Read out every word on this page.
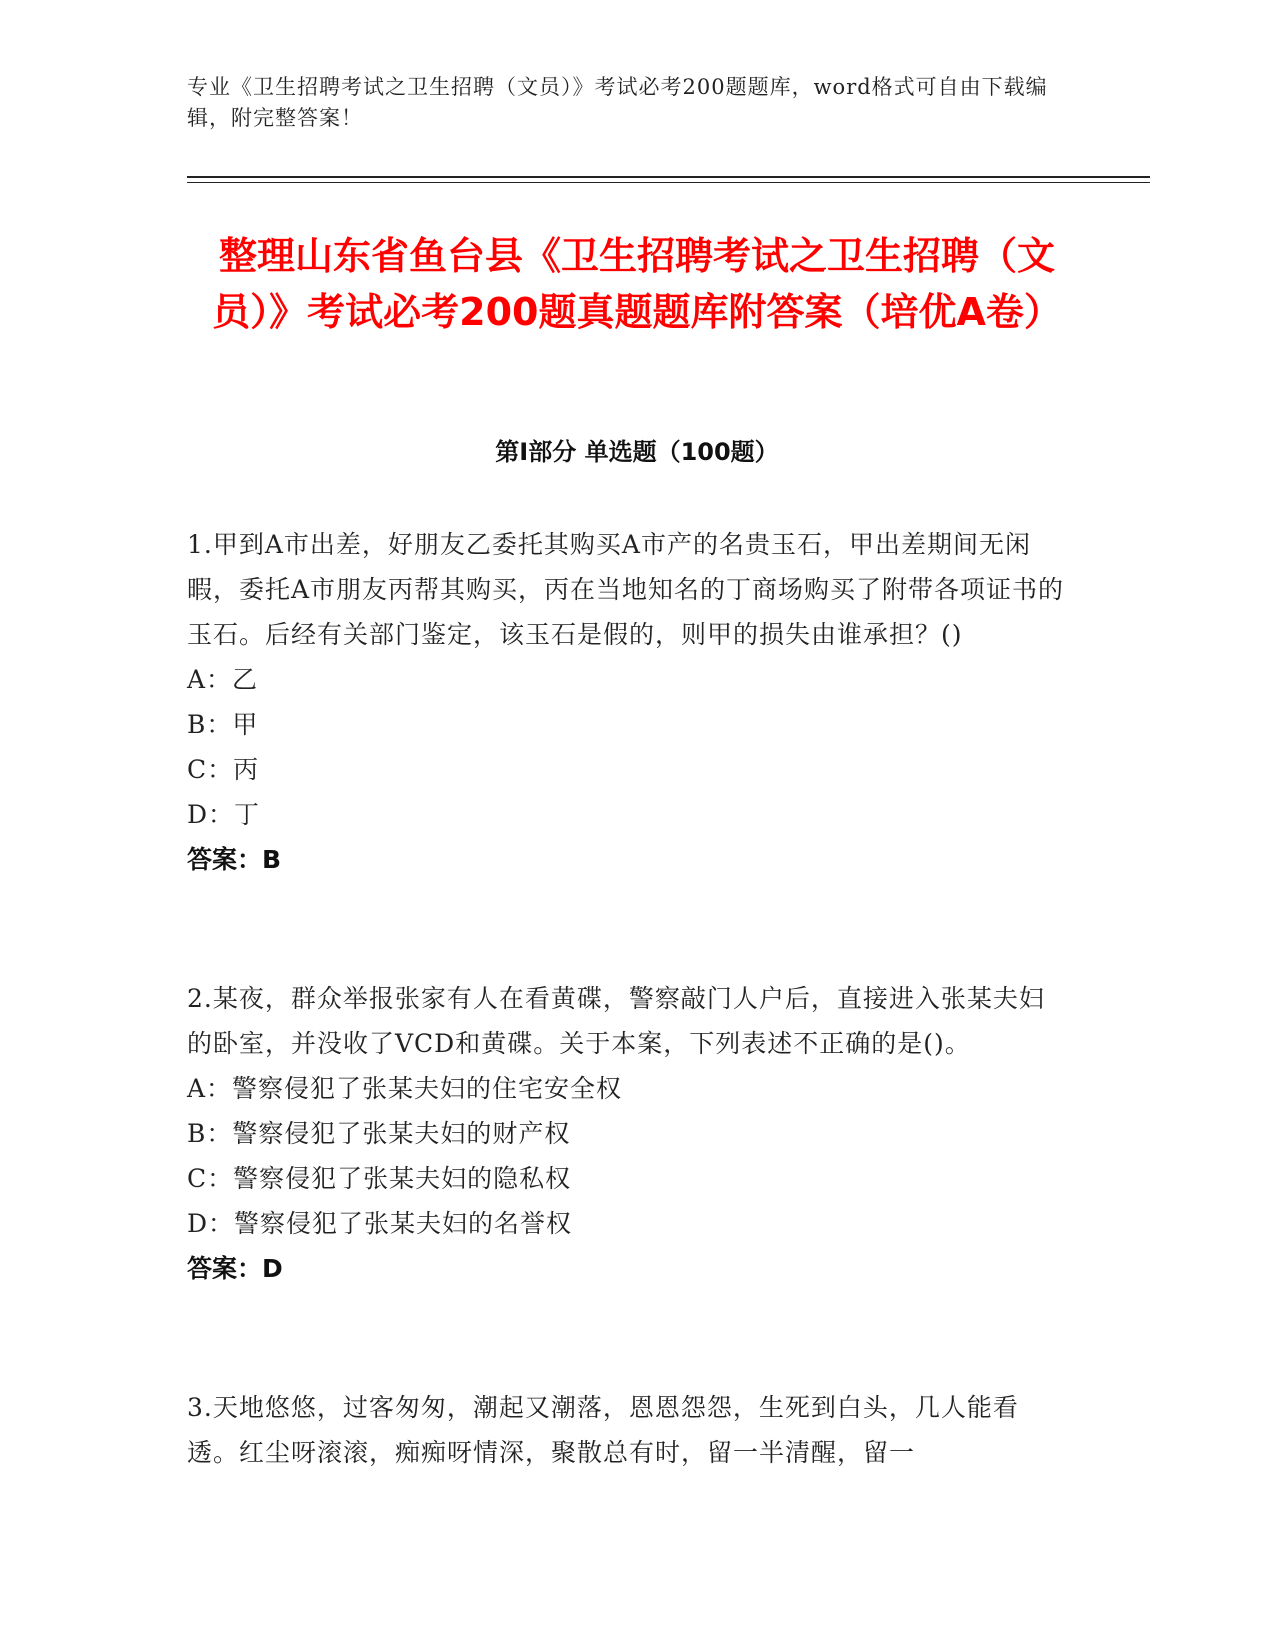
专业《卫生招聘考试之卫生招聘（文员）》考试必考200题题库，word格式可自由下载编辑，附完整答案！
整理山东省鱼台县《卫生招聘考试之卫生招聘（文员）》考试必考200题真题题库附答案（培优A卷）
第Ⅰ部分 单选题（100题）

1.甲到A市出差，好朋友乙委托其购买A市产的名贵玉石，甲出差期间无闲暇，委托A市朋友丙帮其购买，丙在当地知名的丁商场购买了附带各项证书的玉石。后经有关部门鉴定，该玉石是假的，则甲的损失由谁承担？()

A：乙

B：甲

C：丙

D：丁

答案：B

2.某夜，群众举报张家有人在看黄碟，警察敲门人户后，直接进入张某夫妇的卧室，并没收了VCD和黄碟。关于本案，下列表述不正确的是()。

A：警察侵犯了张某夫妇的住宅安全权

B：警察侵犯了张某夫妇的财产权

C：警察侵犯了张某夫妇的隐私权

D：警察侵犯了张某夫妇的名誉权

答案：D

3.天地悠悠，过客匆匆，潮起又潮落，恩恩怨怨，生死到白头，几人能看透。红尘呀滚滚，痴痴呀情深，聚散总有时，留一半清醒，留一
